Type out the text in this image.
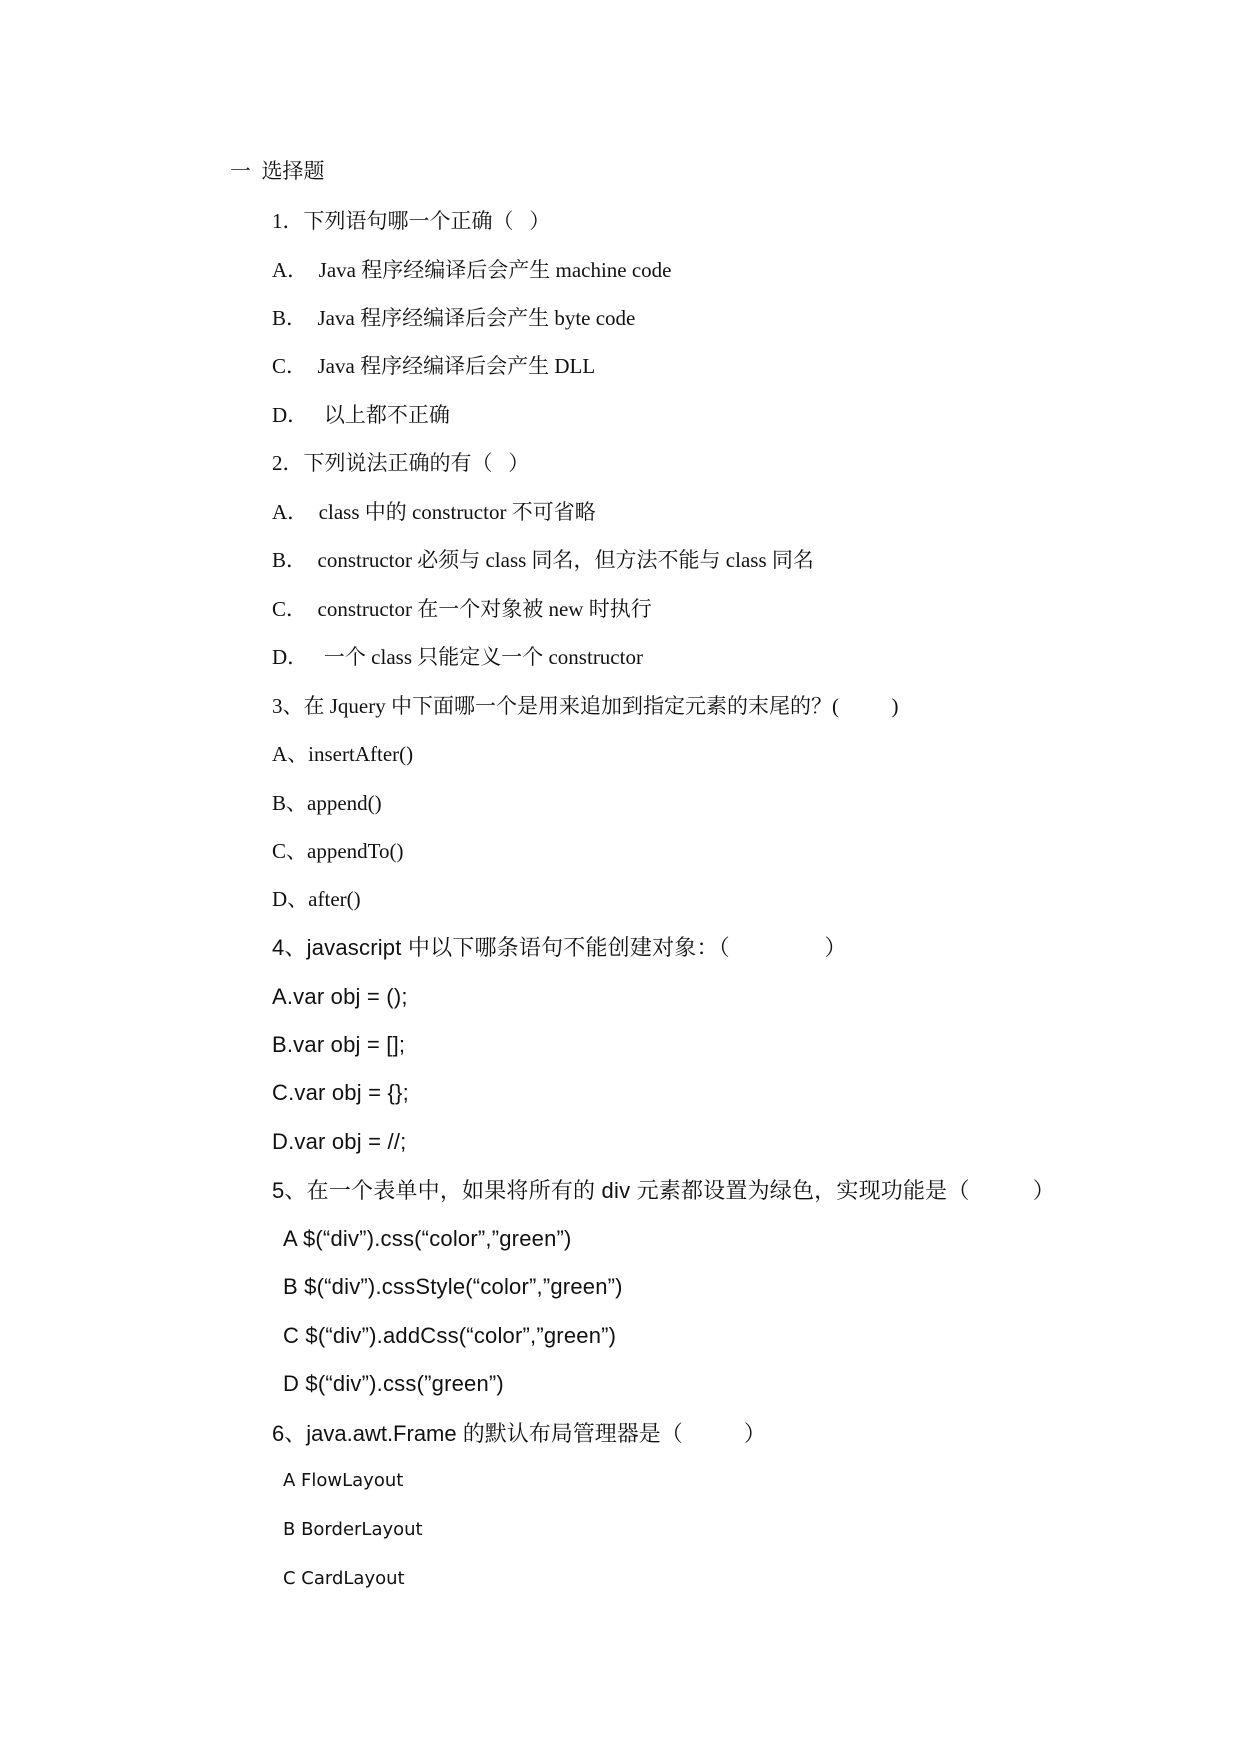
一  选择题
1．下列语句哪一个正确（   ）
A．  Java 程序经编译后会产生 machine code
B．  Java 程序经编译后会产生 byte code
C．  Java 程序经编译后会产生 DLL
D．   以上都不正确
2．下列说法正确的有（   ）
A．  class 中的 constructor 不可省略
B．  constructor 必须与 class 同名，但方法不能与 class 同名
C．  constructor 在一个对象被 new 时执行
D．   一个 class 只能定义一个 constructor
3、在 Jquery 中下面哪一个是用来追加到指定元素的末尾的？(          )
A、insertAfter()
B、append()
C、appendTo()
D、after()
4、javascript 中以下哪条语句不能创建对象：（               ）
A.var obj = ();
B.var obj = [];
C.var obj = {};
D.var obj = //;
5、在一个表单中，如果将所有的 div 元素都设置为绿色，实现功能是（          ）
A $(“div”).css(“color”,”green”)
B $(“div”).cssStyle(“color”,”green”)
C $(“div”).addCss(“color”,”green”)
D $(“div”).css(”green”)
6、java.awt.Frame 的默认布局管理器是（          ）
A FlowLayout
B BorderLayout
C CardLayout
